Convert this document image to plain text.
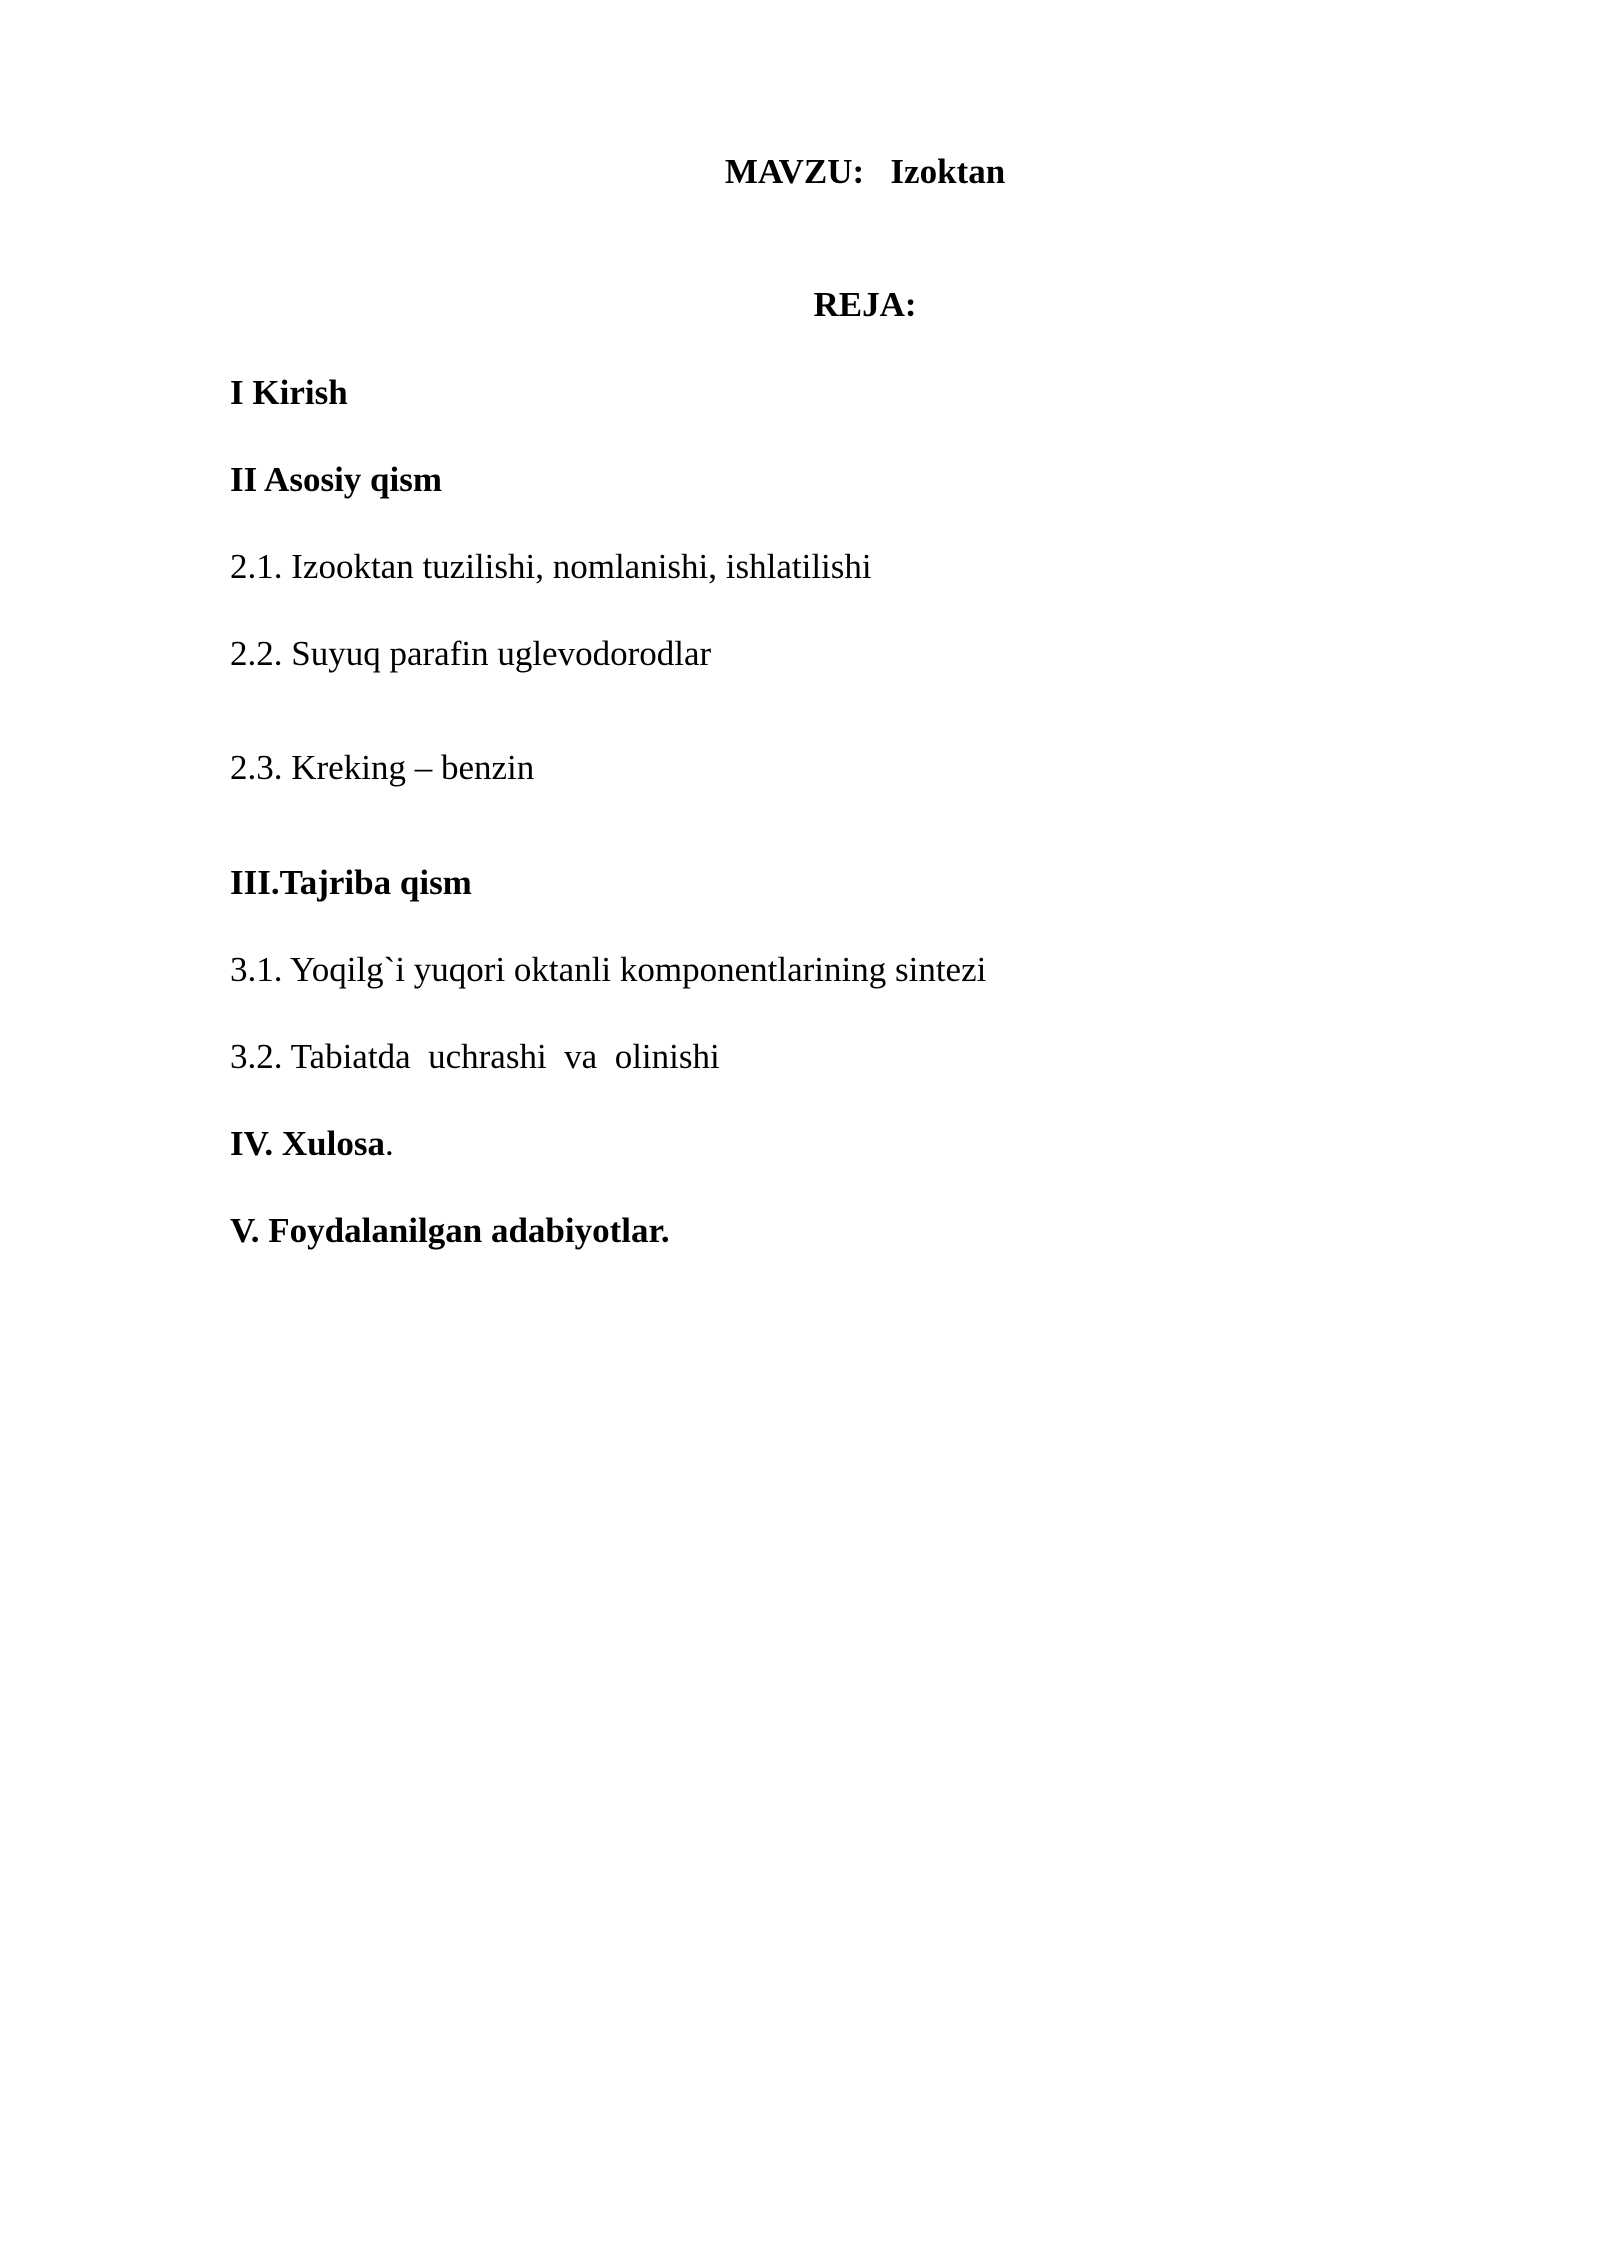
MAVZU:   Izoktan
REJA:
I Kirish
II Asosiy qism
2.1. Izooktan tuzilishi, nomlanishi, ishlatilishi
2.2. Suyuq parafin uglevodorodlar
2.3. Kreking – benzin
III.Tajriba qism
3.1. Yoqilg`i yuqori oktanli komponentlarining sintezi
3.2. Tabiatda  uchrashi  va  olinishi
IV. Xulosa.
V. Foydalanilgan adabiyotlar.
